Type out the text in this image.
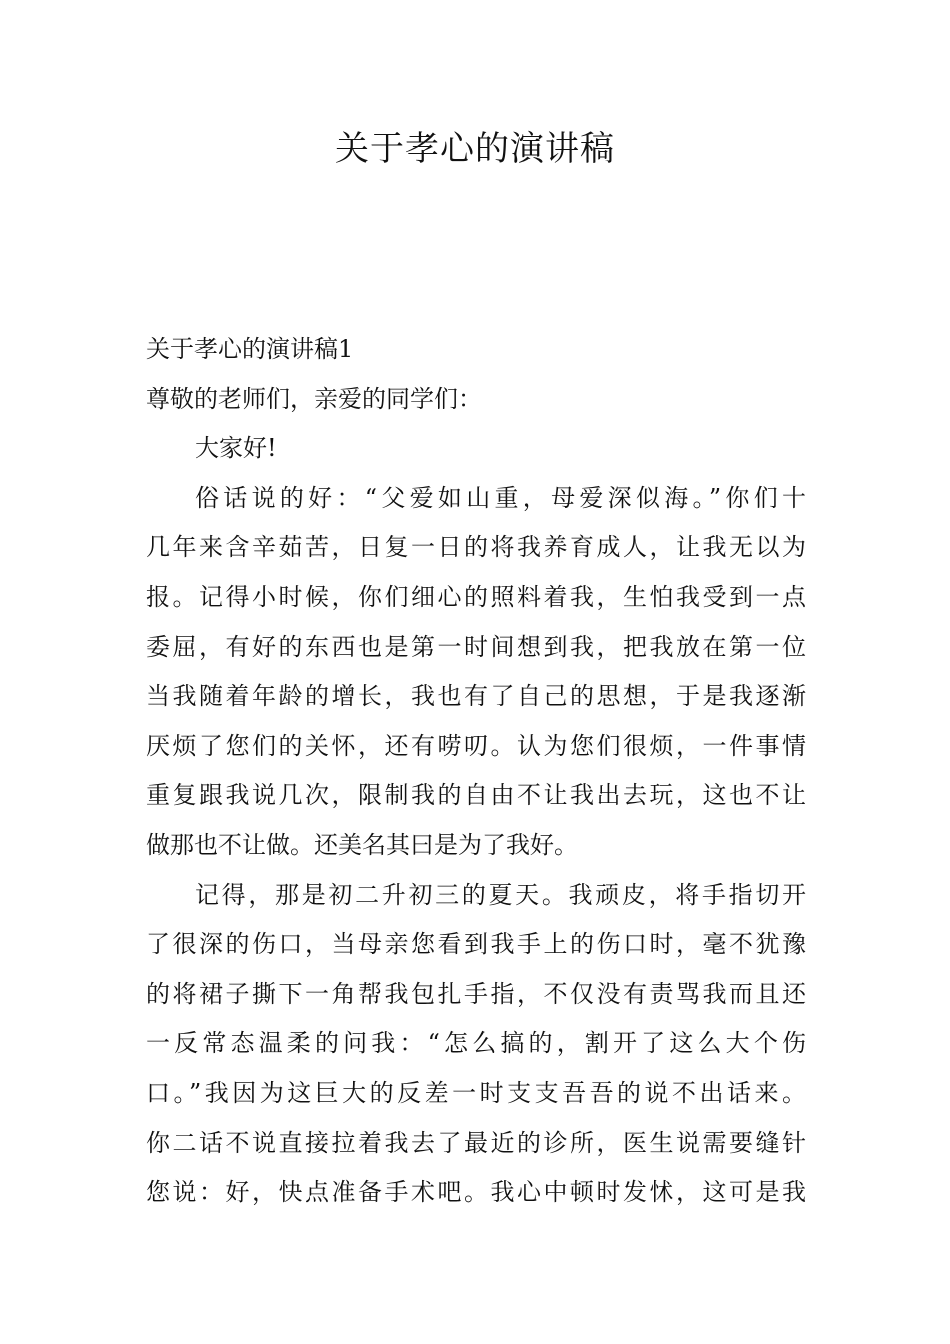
关于孝心的演讲稿

关于孝心的演讲稿1

尊敬的老师们，亲爱的同学们：

大家好!

俗话说的好：“父爱如山重，母爱深似海。”你们十

几年来含辛茹苦，日复一日的将我养育成人，让我无以为

报。记得小时候，你们细心的照料着我，生怕我受到一点

委屈，有好的东西也是第一时间想到我，把我放在第一位

当我随着年龄的增长，我也有了自己的思想，于是我逐渐

厌烦了您们的关怀，还有唠叨。认为您们很烦，一件事情

重复跟我说几次，限制我的自由不让我出去玩，这也不让

做那也不让做。还美名其曰是为了我好。

记得，那是初二升初三的夏天。我顽皮，将手指切开

了很深的伤口，当母亲您看到我手上的伤口时，毫不犹豫

的将裙子撕下一角帮我包扎手指，不仅没有责骂我而且还

一反常态温柔的问我：“怎么搞的，割开了这么大个伤

口。”我因为这巨大的反差一时支支吾吾的说不出话来。

你二话不说直接拉着我去了最近的诊所，医生说需要缝针

您说：好，快点准备手术吧。我心中顿时发怵，这可是我
